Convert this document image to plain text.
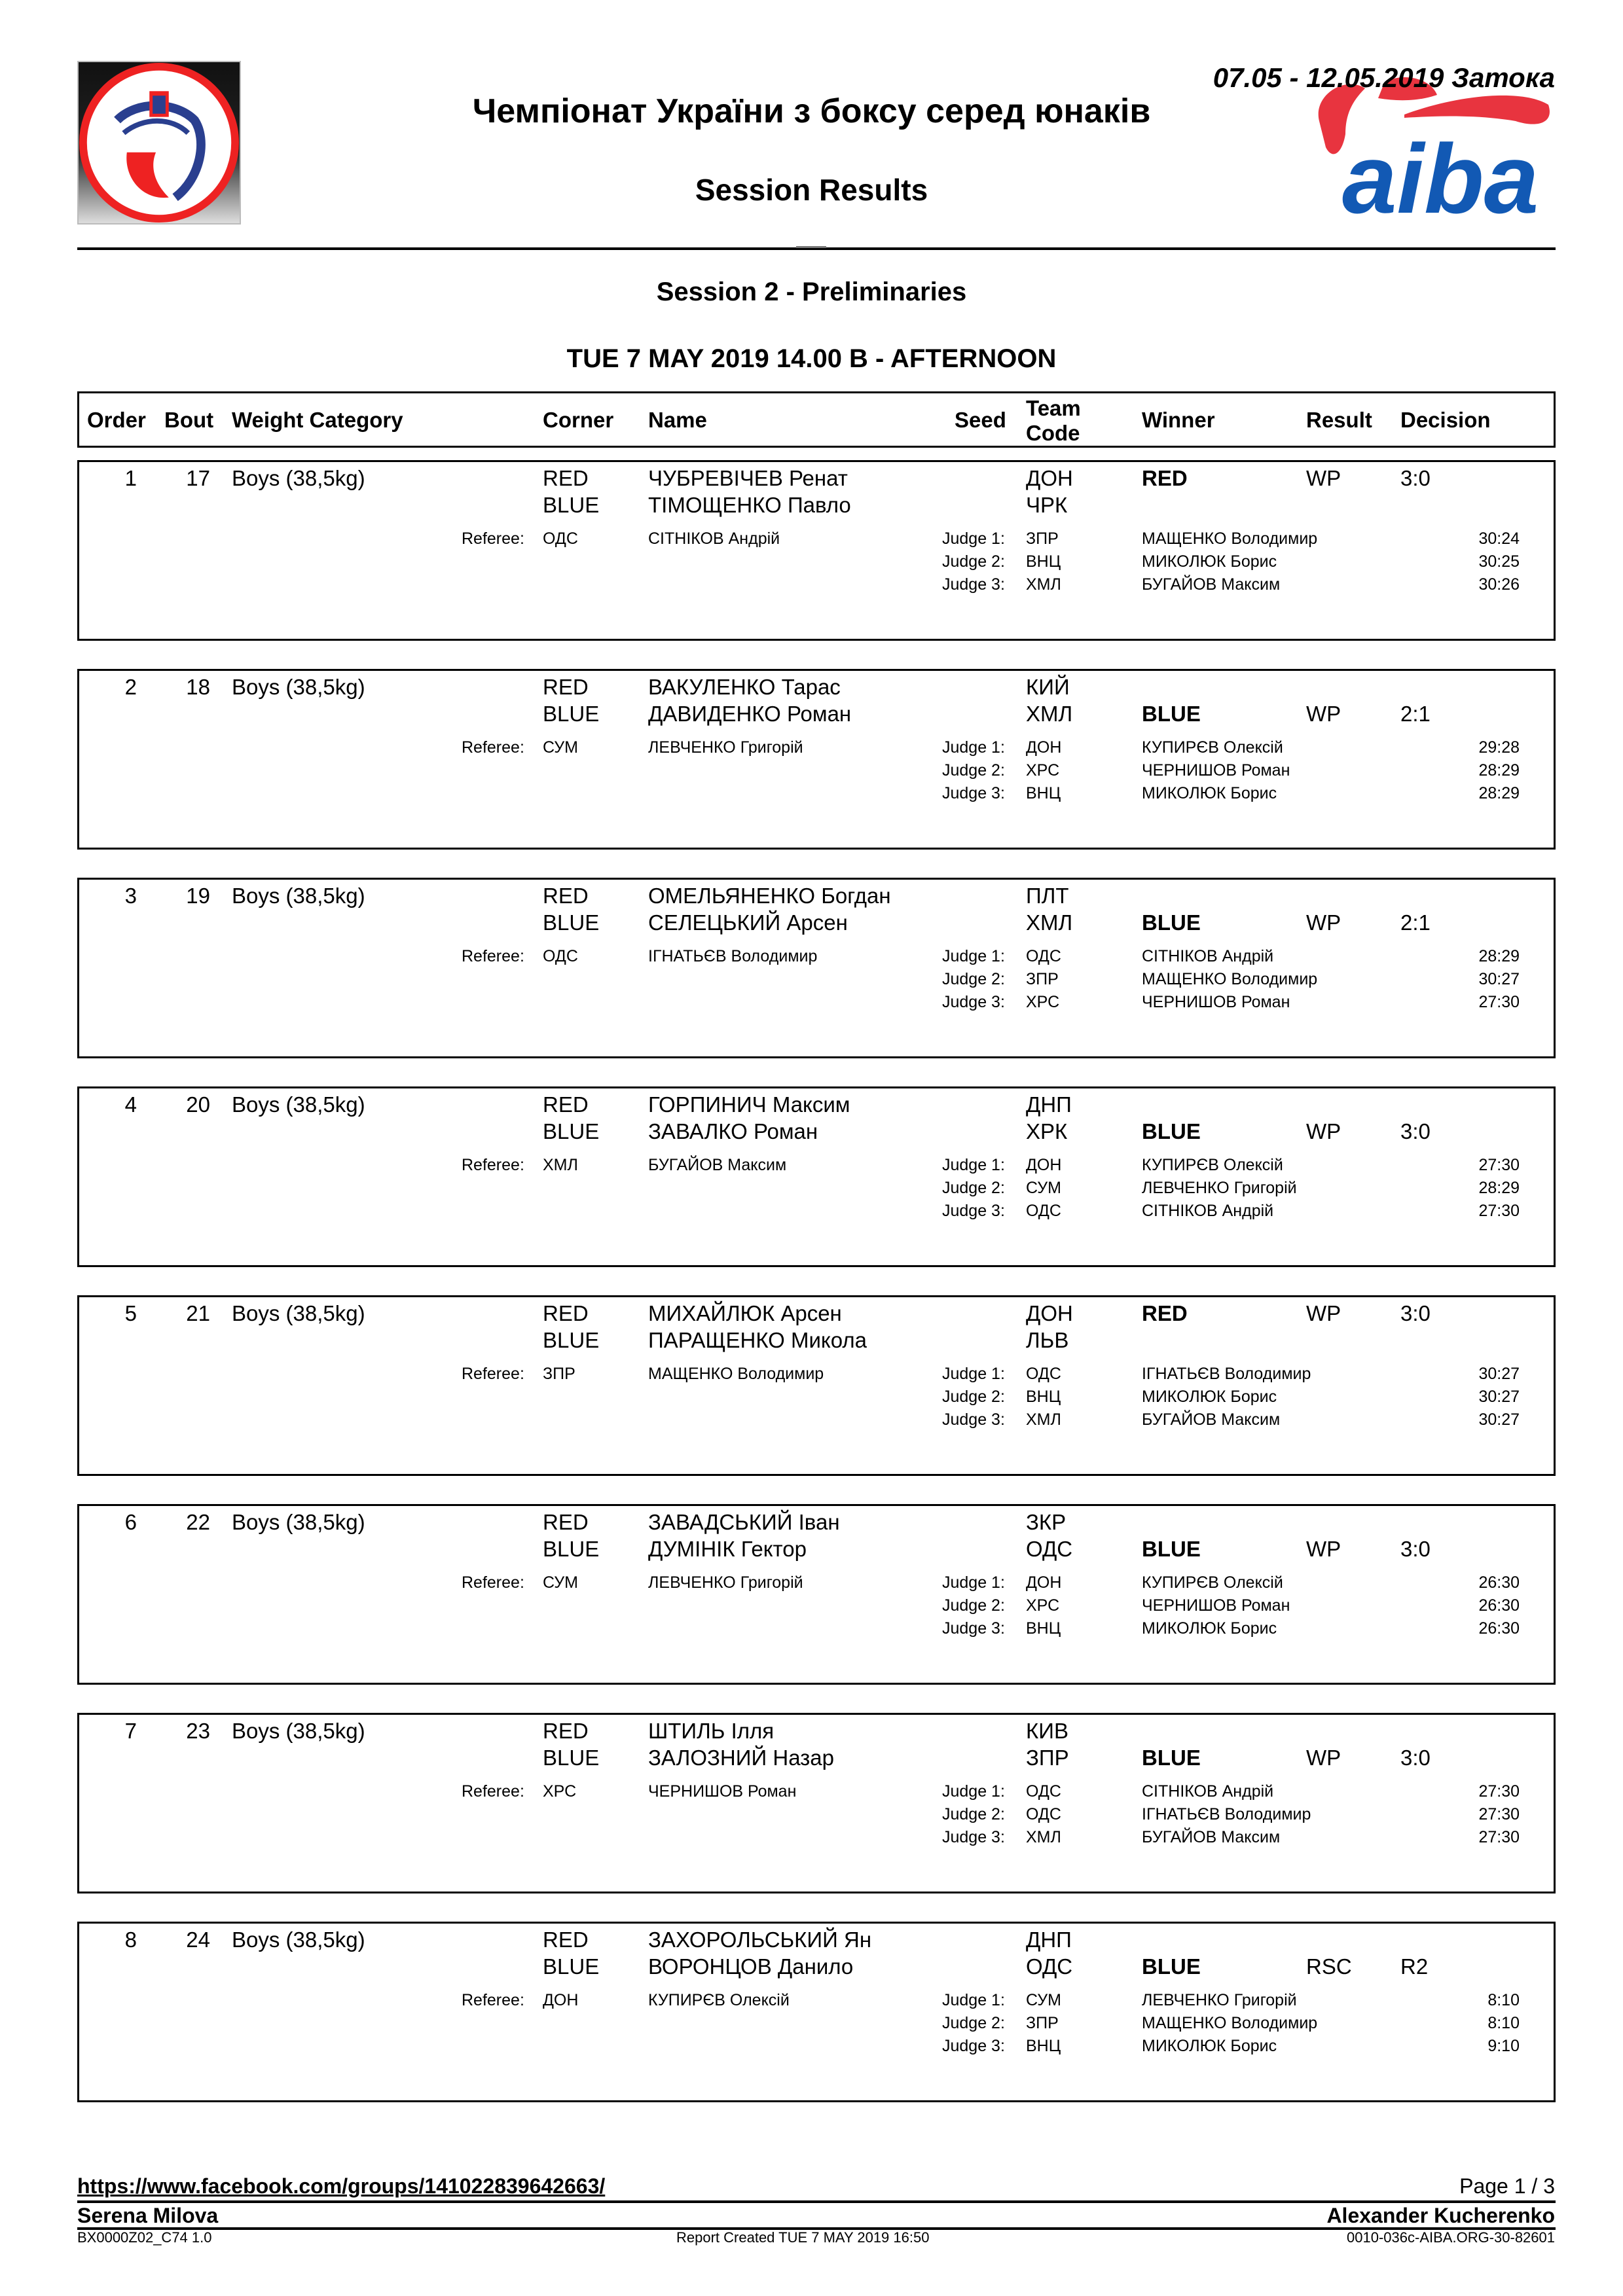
Чемпіонат України з боксу серед юнаків
Session Results
07.05 - 12.05.2019 Затока
aiba
Session 2 - Preliminaries
TUE 7 MAY 2019 14.00 B - AFTERNOON
Order Bout Weight Category	Corner Name	Seed Team
Code
Winner	Result Decision
1	17 Boys (38,5kg)	RED	ЧУБРЕВІЧЕВ Ренат	ДОН
BLUE ТІМОЩЕНКО Павло	ЧРК
RED	WP	3:0
Referee: ОДС	СІТНІКОВ Андрій	Judge 1: ЗПР	МАЩЕНКО Володимир	30:24
Judge 2: ВНЦ	МИКОЛЮК Борис	30:25
Judge 3: ХМЛ	БУГАЙОВ Максим	30:26
2	18 Boys (38,5kg)	RED	ВАКУЛЕНКО Тарас	КИЙ
BLUE ДАВИДЕНКО Роман	ХМЛ	BLUE	WP	2:1
Referee: СУМ	ЛЕВЧЕНКО Григорій	Judge 1: ДОН	КУПИРЄВ Олексій	29:28
Judge 2: ХРС	ЧЕРНИШОВ Роман	28:29
Judge 3: ВНЦ	МИКОЛЮК Борис	28:29
3	19 Boys (38,5kg)	RED	ОМЕЛЬЯНЕНКО Богдан	ПЛТ
BLUE СЕЛЕЦЬКИЙ Арсен	ХМЛ	BLUE	WP	2:1
Referee: ОДС	ІГНАТЬЄВ Володимир	Judge 1: ОДС	СІТНІКОВ Андрій	28:29
Judge 2: ЗПР	МАЩЕНКО Володимир	30:27
Judge 3: ХРС	ЧЕРНИШОВ Роман	27:30
4	20 Boys (38,5kg)	RED	ГОРПИНИЧ Максим	ДНП
BLUE ЗАВАЛКО Роман	ХРК	BLUE	WP	3:0
Referee: ХМЛ	БУГАЙОВ Максим	Judge 1: ДОН	КУПИРЄВ Олексій	27:30
Judge 2: СУМ	ЛЕВЧЕНКО Григорій	28:29
Judge 3: ОДС	СІТНІКОВ Андрій	27:30
5	21 Boys (38,5kg)	RED	МИХАЙЛЮК Арсен	ДОН
BLUE ПАРАЩЕНКО Микола	ЛЬВ
RED	WP	3:0
Referee: ЗПР	МАЩЕНКО Володимир	Judge 1: ОДС	ІГНАТЬЄВ Володимир	30:27
Judge 2: ВНЦ	МИКОЛЮК Борис	30:27
Judge 3: ХМЛ	БУГАЙОВ Максим	30:27
6	22 Boys (38,5kg)	RED	ЗАВАДСЬКИЙ Іван	ЗКР
BLUE ДУМІНІК Гектор	ОДС	BLUE	WP	3:0
Referee: СУМ	ЛЕВЧЕНКО Григорій	Judge 1: ДОН	КУПИРЄВ Олексій	26:30
Judge 2: ХРС	ЧЕРНИШОВ Роман	26:30
Judge 3: ВНЦ	МИКОЛЮК Борис	26:30
7	23 Boys (38,5kg)	RED	ШТИЛЬ Ілля	КИВ
BLUE ЗАЛОЗНИЙ Назар	ЗПР	BLUE	WP	3:0
Referee: ХРС	ЧЕРНИШОВ Роман	Judge 1: ОДС	СІТНІКОВ Андрій	27:30
Judge 2: ОДС	ІГНАТЬЄВ Володимир	27:30
Judge 3: ХМЛ	БУГАЙОВ Максим	27:30
8	24 Boys (38,5kg)	RED	ЗАХОРОЛЬСЬКИЙ Ян	ДНП
BLUE ВОРОНЦОВ Данило	ОДС	BLUE	RSC R2
Referee: ДОН	КУПИРЄВ Олексій	Judge 1: СУМ	ЛЕВЧЕНКО Григорій	8:10
Judge 2: ЗПР	МАЩЕНКО Володимир	8:10
Judge 3: ВНЦ	МИКОЛЮК Борис	9:10
https://www.facebook.com/groups/141022839642663/	Page 1 / 3
Serena Milova	Alexander Kucherenko
BX0000Z02_C74 1.0	Report Created TUE 7 MAY 2019 16:50	0010-036c-AIBA.ORG-30-82601
